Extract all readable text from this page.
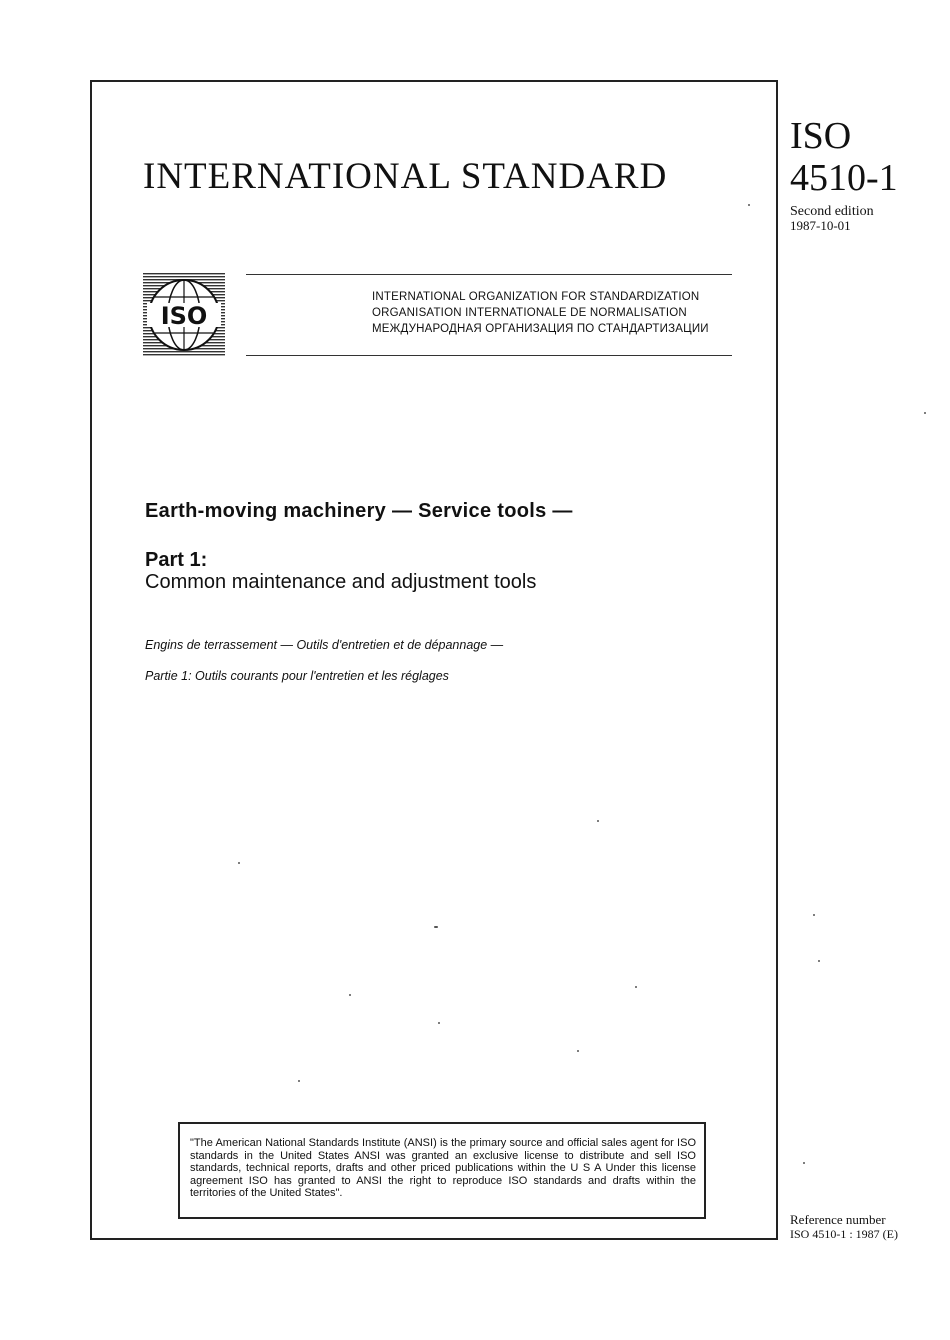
INTERNATIONAL STANDARD
ISO
4510-1
Second edition
1987-10-01
ISO
INTERNATIONAL ORGANIZATION FOR STANDARDIZATION
ORGANISATION INTERNATIONALE DE NORMALISATION
МЕЖДУНАРОДНАЯ ОРГАНИЗАЦИЯ ПО СТАНДАРТИЗАЦИИ
Earth-moving machinery — Service tools —
Part 1:
Common maintenance and adjustment tools
Engins de terrassement — Outils d'entretien et de dépannage —
Partie 1: Outils courants pour l'entretien et les réglages
"The American National Standards Institute (ANSI) is the primary source and official sales agent for ISO standards in the United States ANSI was granted an exclusive license to distribute and sell ISO standards, technical reports, drafts and other priced publications within the U S A Under this license agreement ISO has granted to ANSI the right to reproduce ISO standards and drafts within the territories of the United States".
Reference number
ISO 4510-1 : 1987 (E)
